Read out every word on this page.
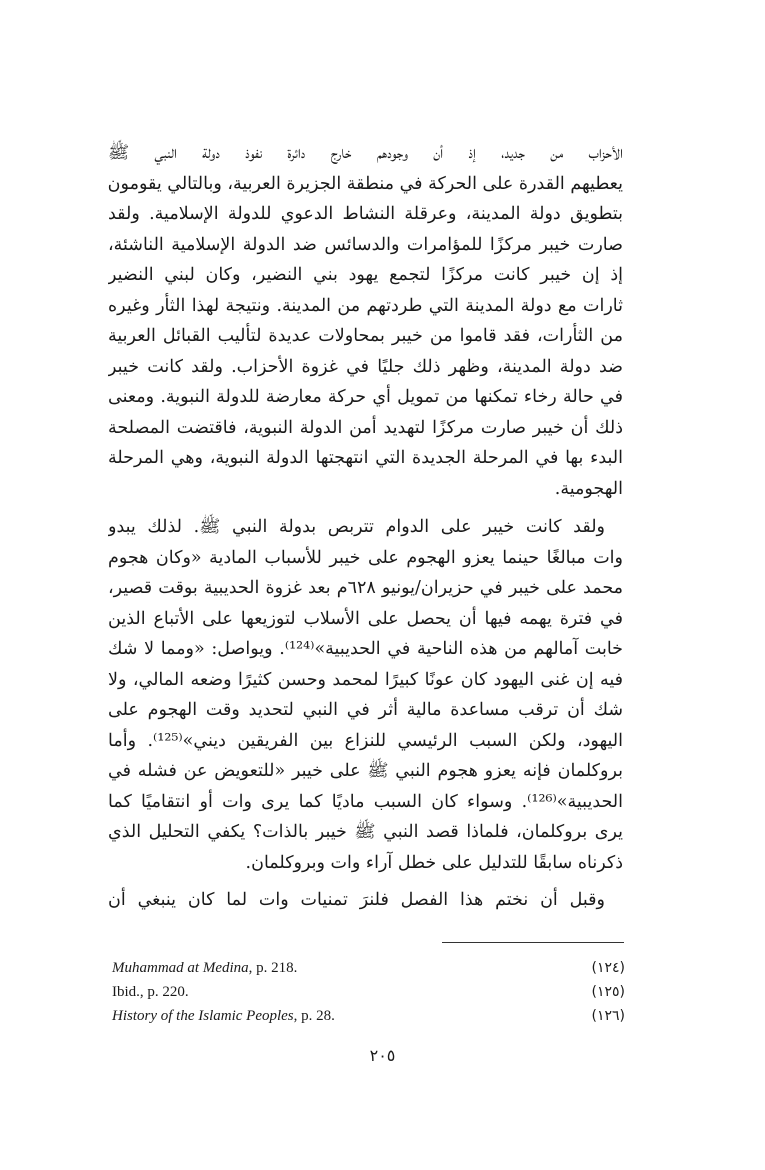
الأحزاب من جديد، إذ أن وجودهم خارج دائرة نفوذ دولة النبي ﷺ
يعطيهم القدرة على الحركة في منطقة الجزيرة العربية، وبالتالي يقومون
بتطويق دولة المدينة، وعرقلة النشاط الدعوي للدولة الإسلامية. ولقد
صارت خيبر مركزًا للمؤامرات والدسائس ضد الدولة الإسلامية الناشئة،
إذ إن خيبر كانت مركزًا لتجمع يهود بني النضير، وكان لبني النضير
ثارات مع دولة المدينة التي طردتهم من المدينة. ونتيجة لهذا الثأر وغيره
من الثأرات، فقد قاموا من خيبر بمحاولات عديدة لتأليب القبائل العربية
ضد دولة المدينة، وظهر ذلك جليًا في غزوة الأحزاب. ولقد كانت خيبر
في حالة رخاء تمكنها من تمويل أي حركة معارضة للدولة النبوية. ومعنى
ذلك أن خيبر صارت مركزًا لتهديد أمن الدولة النبوية، فاقتضت المصلحة
البدء بها في المرحلة الجديدة التي انتهجتها الدولة النبوية، وهي المرحلة
الهجومية.
ولقد كانت خيبر على الدوام تتربص بدولة النبي ﷺ. لذلك يبدو
وات مبالغًا حينما يعزو الهجوم على خيبر للأسباب المادية «وكان هجوم
محمد على خيبر في حزيران/يونيو ٦٢٨م بعد غزوة الحديبية بوقت قصير،
في فترة يهمه فيها أن يحصل على الأسلاب لتوزيعها على الأتباع الذين
خابت آمالهم من هذه الناحية في الحديبية»⁽¹²⁴⁾. ويواصل: «ومما لا شك
فيه إن غنى اليهود كان عونًا كبيرًا لمحمد وحسن كثيرًا وضعه المالي، ولا
شك أن ترقب مساعدة مالية أثر في النبي لتحديد وقت الهجوم على
اليهود، ولكن السبب الرئيسي للنزاع بين الفريقين ديني»⁽¹²⁵⁾. وأما
بروكلمان فإنه يعزو هجوم النبي ﷺ على خيبر «للتعويض عن فشله في
الحديبية»⁽¹²⁶⁾. وسواء كان السبب ماديًا كما يرى وات أو انتقاميًا كما
يرى بروكلمان، فلماذا قصد النبي ﷺ خيبر بالذات؟ يكفي التحليل الذي
ذكرناه سابقًا للتدليل على خطل آراء وات وبروكلمان.
وقبل أن نختم هذا الفصل فلنرَ تمنيات وات لما كان ينبغي أن
Muhammad at Medina, p. 218.	(١٢٤)
Ibid., p. 220.	(١٢٥)
History of the Islamic Peoples, p. 28.	(١٢٦)
٢٠٥
